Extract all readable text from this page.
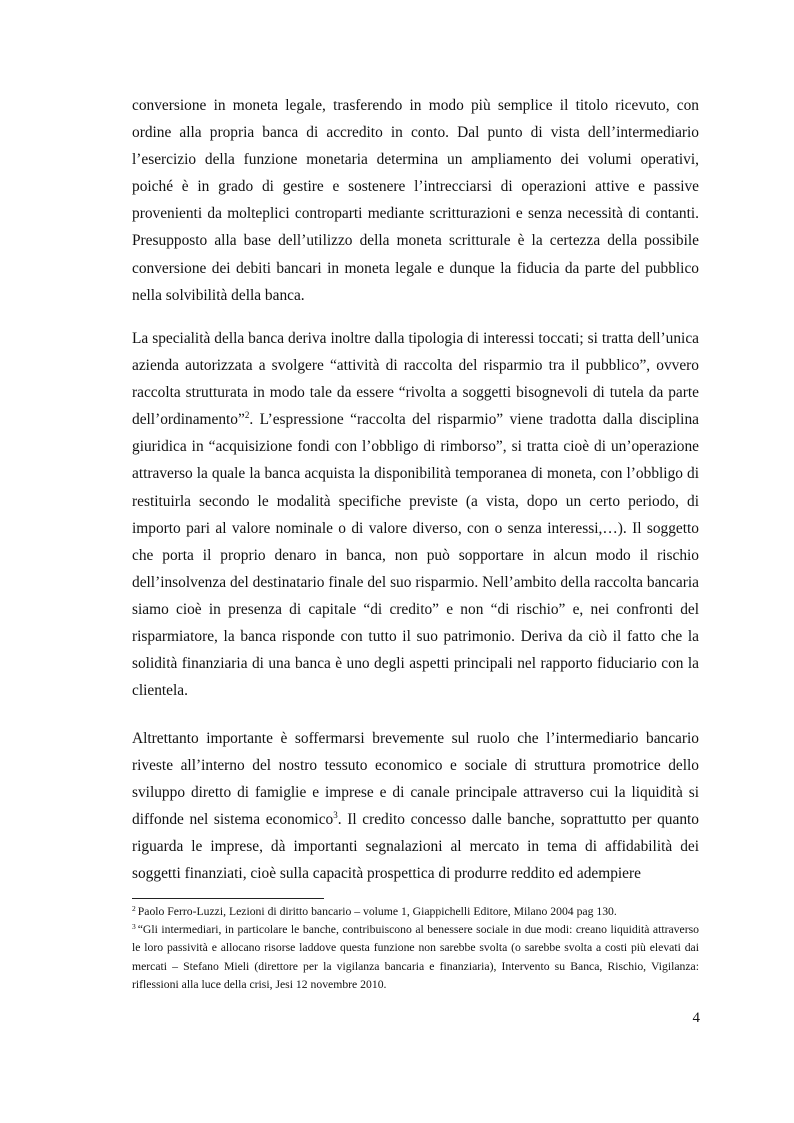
conversione in moneta legale, trasferendo in modo più semplice il titolo ricevuto, con ordine alla propria banca di accredito in conto. Dal punto di vista dell’intermediario l’esercizio della funzione monetaria determina un ampliamento dei volumi operativi, poiché è in grado di gestire e sostenere l’intrecciarsi di operazioni attive e passive provenienti da molteplici controparti mediante scritturazioni e senza necessità di contanti. Presupposto alla base dell’utilizzo della moneta scritturale è la certezza della possibile conversione dei debiti bancari in moneta legale e dunque la fiducia da parte del pubblico nella solvibilità della banca.

La specialità della banca deriva inoltre dalla tipologia di interessi toccati; si tratta dell’unica azienda autorizzata a svolgere “attività di raccolta del risparmio tra il pubblico”, ovvero raccolta strutturata in modo tale da essere “rivolta a soggetti bisognevoli di tutela da parte dell’ordinamento”$^2$. L’espressione “raccolta del risparmio” viene tradotta dalla disciplina giuridica in “acquisizione fondi con l’obbligo di rimborso”, si tratta cioè di un’operazione attraverso la quale la banca acquista la disponibilità temporanea di moneta, con l’obbligo di restituirla secondo le modalità specifiche previste (a vista, dopo un certo periodo, di importo pari al valore nominale o di valore diverso, con o senza interessi,…). Il soggetto che porta il proprio denaro in banca, non può sopportare in alcun modo il rischio dell’insolvenza del destinatario finale del suo risparmio. Nell’ambito della raccolta bancaria siamo cioè in presenza di capitale “di credito” e non “di rischio” e, nei confronti del risparmiatore, la banca risponde con tutto il suo patrimonio. Deriva da ciò il fatto che la solidità finanziaria di una banca è uno degli aspetti principali nel rapporto fiduciario con la clientela.

Altrettanto importante è soffermarsi brevemente sul ruolo che l’intermediario bancario riveste all’interno del nostro tessuto economico e sociale di struttura promotrice dello sviluppo diretto di famiglie e imprese e di canale principale attraverso cui la liquidità si diffonde nel sistema economico$^3$. Il credito concesso dalle banche, soprattutto per quanto riguarda le imprese, dà importanti segnalazioni al mercato in tema di affidabilità dei soggetti finanziati, cioè sulla capacità prospettica di produrre reddito ed adempiere

$^2$ Paolo Ferro-Luzzi, Lezioni di diritto bancario – volume 1, Giappichelli Editore, Milano 2004 pag 130.

$^3$ “Gli intermediari, in particolare le banche, contribuiscono al benessere sociale in due modi: creano liquidità attraverso le loro passività e allocano risorse laddove questa funzione non sarebbe svolta (o sarebbe svolta a costi più elevati dai mercati – Stefano Mieli (direttore per la vigilanza bancaria e finanziaria), Intervento su Banca, Rischio, Vigilanza: riflessioni alla luce della crisi, Jesi 12 novembre 2010.

4
